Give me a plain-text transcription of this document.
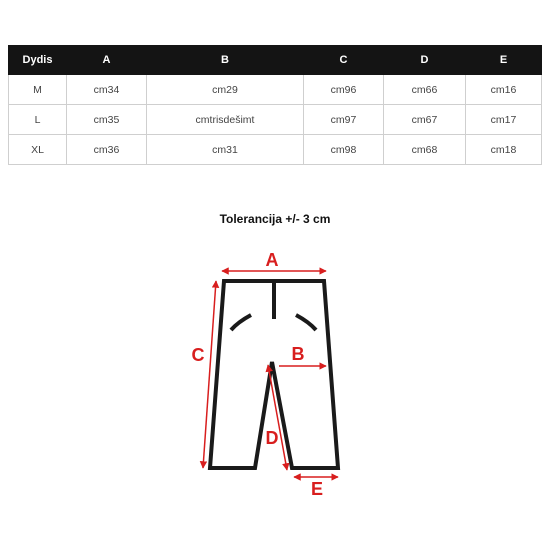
Dydis	A	B	C	D	E
M	cm34	cm29	cm96	cm66	cm16
L	cm35	cmtrisdešimt	cm97	cm67	cm17
XL	cm36	cm31	cm98	cm68	cm18
Tolerancija +/- 3 cm
A
B
C
D
E
